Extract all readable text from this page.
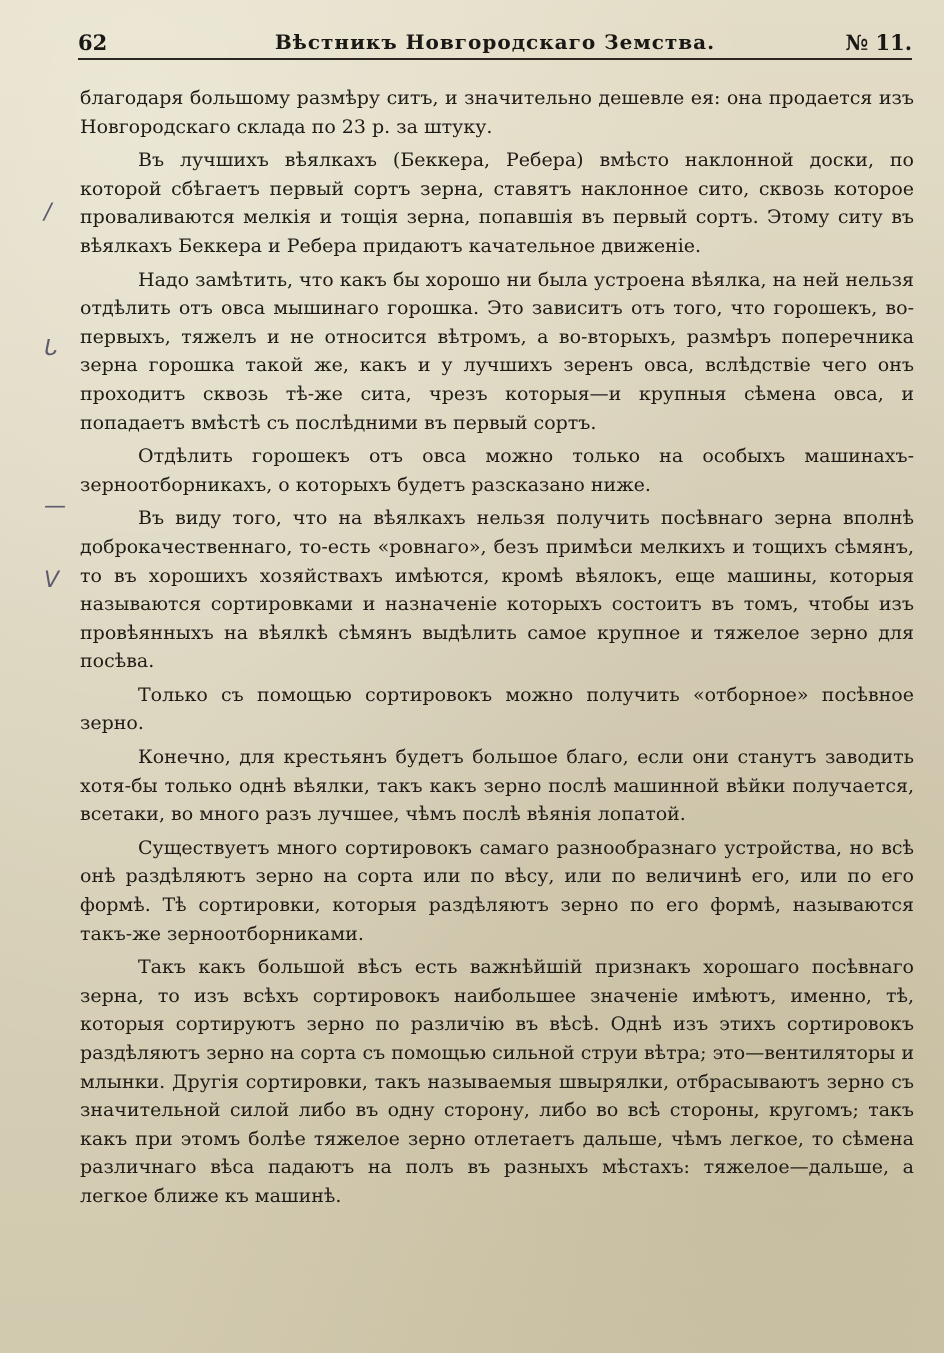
62	Вѣстникъ Новгородскаго Земства.	№ 11.
/
ᒐ
—
V

благодаря большому размѣру ситъ, и значительно дешевле ея: она продается изъ Новгородскаго склада по 23 р. за штуку.

Въ лучшихъ вѣялкахъ (Беккера, Ребера) вмѣсто наклонной доски, по которой сбѣгаетъ первый сортъ зерна, ставятъ наклонное сито, сквозь которое проваливаются мелкія и тощія зерна, попавшія въ первый сортъ. Этому ситу въ вѣялкахъ Беккера и Ребера придаютъ качательное движеніе.

Надо замѣтить, что какъ бы хорошо ни была устроена вѣялка, на ней нельзя отдѣлить отъ овса мышинаго горошка. Это зависитъ отъ того, что горошекъ, во-первыхъ, тяжелъ и не относится вѣтромъ, а во-вторыхъ, размѣръ поперечника зерна горошка такой же, какъ и у лучшихъ зеренъ овса, вслѣдствіе чего онъ проходитъ сквозь тѣ-же сита, чрезъ которыя—и крупныя сѣмена овса, и попадаетъ вмѣстѣ съ послѣдними въ первый сортъ.

Отдѣлить горошекъ отъ овса можно только на особыхъ машинахъ-зерноотборникахъ, о которыхъ будетъ разсказано ниже.

Въ виду того, что на вѣялкахъ нельзя получить посѣвнаго зерна вполнѣ доброкачественнаго, то-есть «ровнаго», безъ примѣси мелкихъ и тощихъ сѣмянъ, то въ хорошихъ хозяйствахъ имѣются, кромѣ вѣялокъ, еще машины, которыя называются сортировками и назначеніе которыхъ состоитъ въ томъ, чтобы изъ провѣянныхъ на вѣялкѣ сѣмянъ выдѣлить самое крупное и тяжелое зерно для посѣва.

Только съ помощью сортировокъ можно получить «отборное» посѣвное зерно.

Конечно, для крестьянъ будетъ большое благо, если они станутъ заводить хотя-бы только однѣ вѣялки, такъ какъ зерно послѣ машинной вѣйки получается, всетаки, во много разъ лучшее, чѣмъ послѣ вѣянія лопатой.

Существуетъ много сортировокъ самаго разнообразнаго устройства, но всѣ онѣ раздѣляютъ зерно на сорта или по вѣсу, или по величинѣ его, или по его формѣ. Тѣ сортировки, которыя раздѣляютъ зерно по его формѣ, называются такъ-же зерноотборниками.

Такъ какъ большой вѣсъ есть важнѣйшій признакъ хорошаго посѣвнаго зерна, то изъ всѣхъ сортировокъ наибольшее значеніе имѣютъ, именно, тѣ, которыя сортируютъ зерно по различію въ вѣсѣ. Однѣ изъ этихъ сортировокъ раздѣляютъ зерно на сорта съ помощью сильной струи вѣтра; это—вентиляторы и млынки. Другія сортировки, такъ называемыя швырялки, отбрасываютъ зерно съ значительной силой либо въ одну сторону, либо во всѣ стороны, кругомъ; такъ какъ при этомъ болѣе тяжелое зерно отлетаетъ дальше, чѣмъ легкое, то сѣмена различнаго вѣса падаютъ на полъ въ разныхъ мѣстахъ: тяжелое—дальше, а легкое ближе къ машинѣ.
